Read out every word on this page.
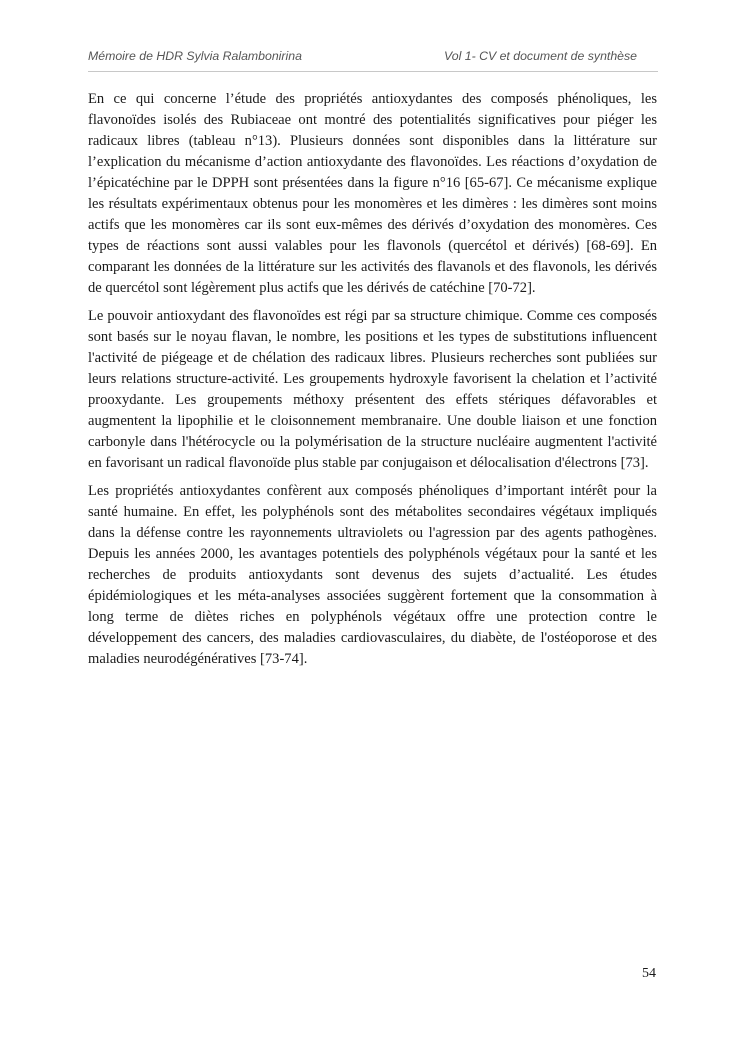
Mémoire de HDR Sylvia Ralambonirina	Vol 1- CV et document de synthèse

En ce qui concerne l’étude des propriétés antioxydantes des composés phénoliques, les flavonoïdes isolés des Rubiaceae ont montré des potentialités significatives pour piéger les radicaux libres (tableau n°13). Plusieurs données sont disponibles dans la littérature sur l’explication du mécanisme d’action antioxydante des flavonoïdes. Les réactions d’oxydation de l’épicatéchine par le DPPH sont présentées dans la figure n°16 [65-67]. Ce mécanisme explique les résultats expérimentaux obtenus pour les monomères et les dimères : les dimères sont moins actifs que les monomères car ils sont eux-mêmes des dérivés d’oxydation des monomères. Ces types de réactions sont aussi valables pour les flavonols (quercétol et dérivés) [68-69]. En comparant les données de la littérature sur les activités des flavanols et des flavonols, les dérivés de quercétol sont légèrement plus actifs que les dérivés de catéchine [70-72].

Le pouvoir antioxydant des flavonoïdes est régi par sa structure chimique. Comme ces composés sont basés sur le noyau flavan, le nombre, les positions et les types de substitutions influencent l'activité de piégeage et de chélation des radicaux libres. Plusieurs recherches sont publiées sur leurs relations structure-activité. Les groupements hydroxyle favorisent la chelation et l’activité prooxydante. Les groupements méthoxy présentent des effets stériques défavorables et augmentent la lipophilie et le cloisonnement membranaire. Une double liaison et une fonction carbonyle dans l'hétérocycle ou la polymérisation de la structure nucléaire augmentent l'activité en favorisant un radical flavonoïde plus stable par conjugaison et délocalisation d'électrons [73].

Les propriétés antioxydantes confèrent aux composés phénoliques d’important intérêt pour la santé humaine. En effet, les polyphénols sont des métabolites secondaires végétaux impliqués dans la défense contre les rayonnements ultraviolets ou l'agression par des agents pathogènes. Depuis les années 2000, les avantages potentiels des polyphénols végétaux pour la santé et les recherches de produits antioxydants sont devenus des sujets d’actualité. Les études épidémiologiques et les méta-analyses associées suggèrent fortement que la consommation à long terme de diètes riches en polyphénols végétaux offre une protection contre le développement des cancers, des maladies cardiovasculaires, du diabète, de l'ostéoporose et des maladies neurodégénératives [73-74].

54
